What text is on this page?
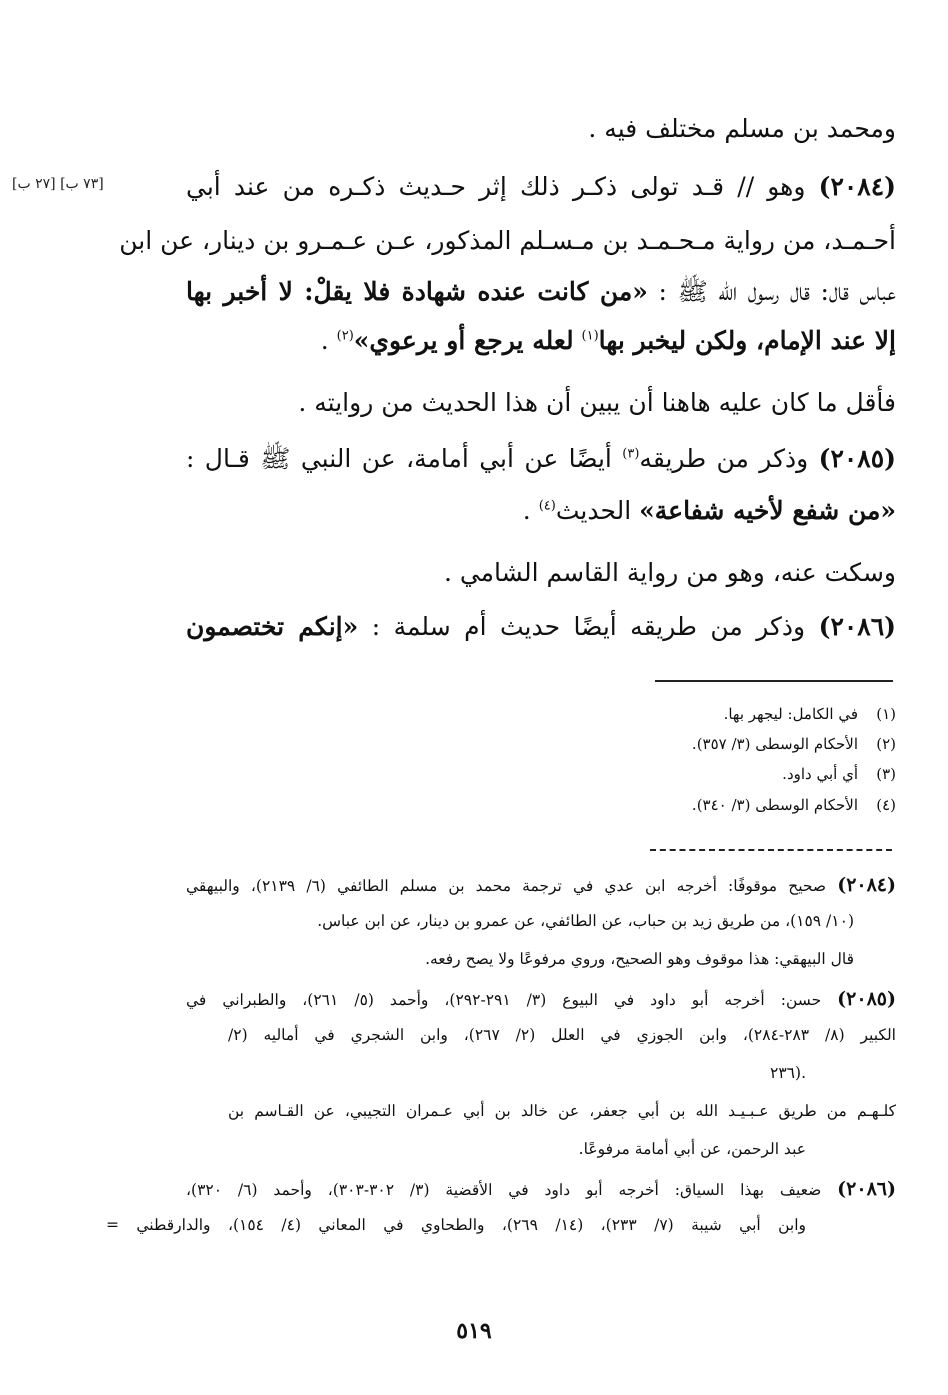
[٢٧ ب] [٧٣ ب]
ومحمد بن مسلم مختلف فيه .
(٢٠٨٤) وهو // قـد تولى ذكـر ذلك إثر حـديث ذكـره من عند أبي
أحـمـد، من رواية مـحـمـد بن مـسـلم المذكور، عـن عـمـرو بن دينار، عن ابن
عباس قال: قال رسول الله ﷺ : «من كانت عنده شهادة فلا يقلْ: لا أخبر بها
إلا عند الإمام، ولكن ليخبر بها$^{(١)}$ لعله يرجع أو يرعوي»$^{(٢)}$ .
فأقل ما كان عليه هاهنا أن يبين أن هذا الحديث من روايته .
(٢٠٨٥) وذكر من طريقه$^{(٣)}$ أيضًا عن أبي أمامة، عن النبي ﷺ قـال :
«من شفع لأخيه شفاعة» الحديث$^{(٤)}$ .
وسكت عنه، وهو من رواية القاسم الشامي .
(٢٠٨٦) وذكر من طريقه أيضًا حديث أم سلمة : «إنكم تختصمون
(١)في الكامل: ليجهر بها.
(٢)الأحكام الوسطى (٣/ ٣٥٧).
(٣)أي أبي داود.
(٤)الأحكام الوسطى (٣/ ٣٤٠).
(٢٠٨٤) صحيح موقوفًا: أخرجه ابن عدي في ترجمة محمد بن مسلم الطائفي (٦/ ٢١٣٩)، والبيهقي
(١٠/ ١٥٩)، من طريق زيد بن حباب، عن الطائفي، عن عمرو بن دينار، عن ابن عباس.
قال البيهقي: هذا موقوف وهو الصحيح، وروي مرفوعًا ولا يصح رفعه.
(٢٠٨٥) حسن: أخرجه أبو داود في البيوع (٣/ ٢٩١-٢٩٢)، وأحمد (٥/ ٢٦١)، والطبراني في
الكبير (٨/ ٢٨٣-٢٨٤)، وابن الجوزي في العلل (٢/ ٢٦٧)، وابن الشجري في أماليه (٢/
٢٣٦).
كلـهـم من طريق عـبـيـد الله بن أبي جعفر، عن خالد بن أبي عـمران التجيبي، عن القـاسم بن
عبد الرحمن، عن أبي أمامة مرفوعًا.
(٢٠٨٦) ضعيف بهذا السياق: أخرجه أبو داود في الأقضية (٣/ ٣٠٢-٣٠٣)، وأحمد (٦/ ٣٢٠)،
وابن أبي شيبة (٧/ ٢٣٣)، (١٤/ ٢٦٩)، والطحاوي في المعاني (٤/ ١٥٤)، والدارقطني =
٥١٩
